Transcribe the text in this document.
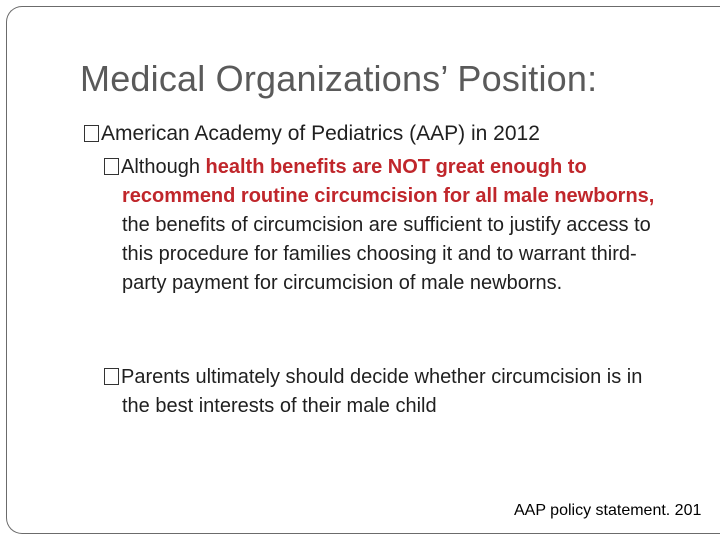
Medical Organizations’ Position:
American Academy of Pediatrics (AAP) in 2012

Although health benefits are NOT great enough to recommend routine circumcision for all male newborns, the benefits of circumcision are sufficient to justify access to this procedure for families choosing it and to warrant third-party payment for circumcision of male newborns.

Parents ultimately should decide whether circumcision is in the best interests of their male child

AAP policy statement. 201
